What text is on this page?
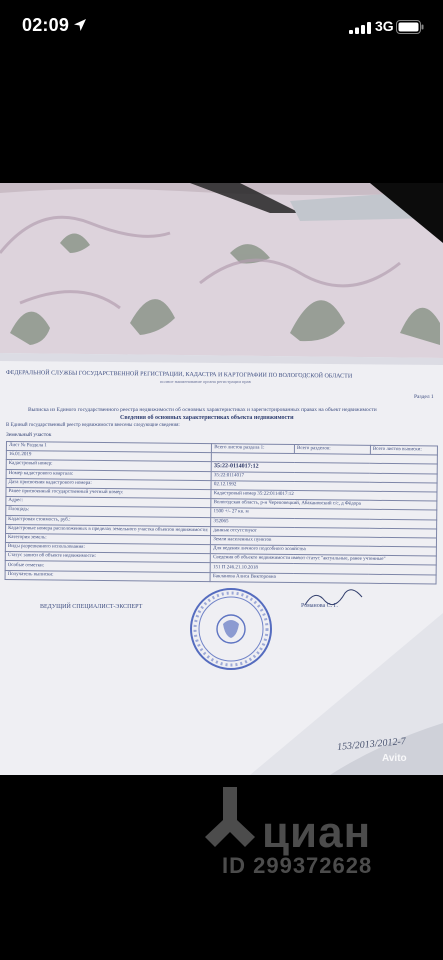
02:09	3G
ФЕДЕРАЛЬНОЙ СЛУЖБЫ ГОСУДАРСТВЕННОЙ РЕГИСТРАЦИИ, КАДАСТРА И КАРТОГРАФИИ ПО ВОЛОГОДСКОЙ ОБЛАСТИ
полное наименование органа регистрации прав
Раздел 1
Выписка из Единого государственного реестра недвижимости об основных характеристиках и зарегистрированных правах на объект недвижимости
Сведения об основных характеристиках объекта недвижимости
В Единый государственный реестр недвижимости внесены следующие сведения:
Земельный участок
Лист № Раздела 1	Всего листов раздела 1:	Всего разделов:	Всего листов выписки:
16.01.2019			
Кадастровый номер:	35:22-0114017:12		
Номер кадастрового квартала:	35:22:0114017		
Дата присвоения кадастрового номера:	02.12.1992		
Ранее присвоенный государственный учетный номер:	Кадастровый номер 35:22:0114017:12		
Адрес:	Вологодская область, р-н Череповецкий, Абакановский с/с, д Фёдора		
Площадь:	1500 +/- 27 кв. м		
Кадастровая стоимость, руб.:	352065		
Кадастровые номера расположенных в пределах земельного участка объектов недвижимости:	данные отсутствуют		
Категория земель:	Земли населенных пунктов		
Виды разрешенного использования:	Для ведения личного подсобного хозяйства		
Статус записи об объекте недвижимости:	Сведения об объекте недвижимости имеют статус "актуальные, ранее учтенные"		
Особые отметки:	151 П 246.21.10.2018		
Получатель выписки:	Бакланова Алиса Викторовна		
ВЕДУЩИЙ СПЕЦИАЛИСТ-ЭКСПЕРТ	Романова С. Г.
153/2013/2012-7
Avito
циан
ID 299372628
